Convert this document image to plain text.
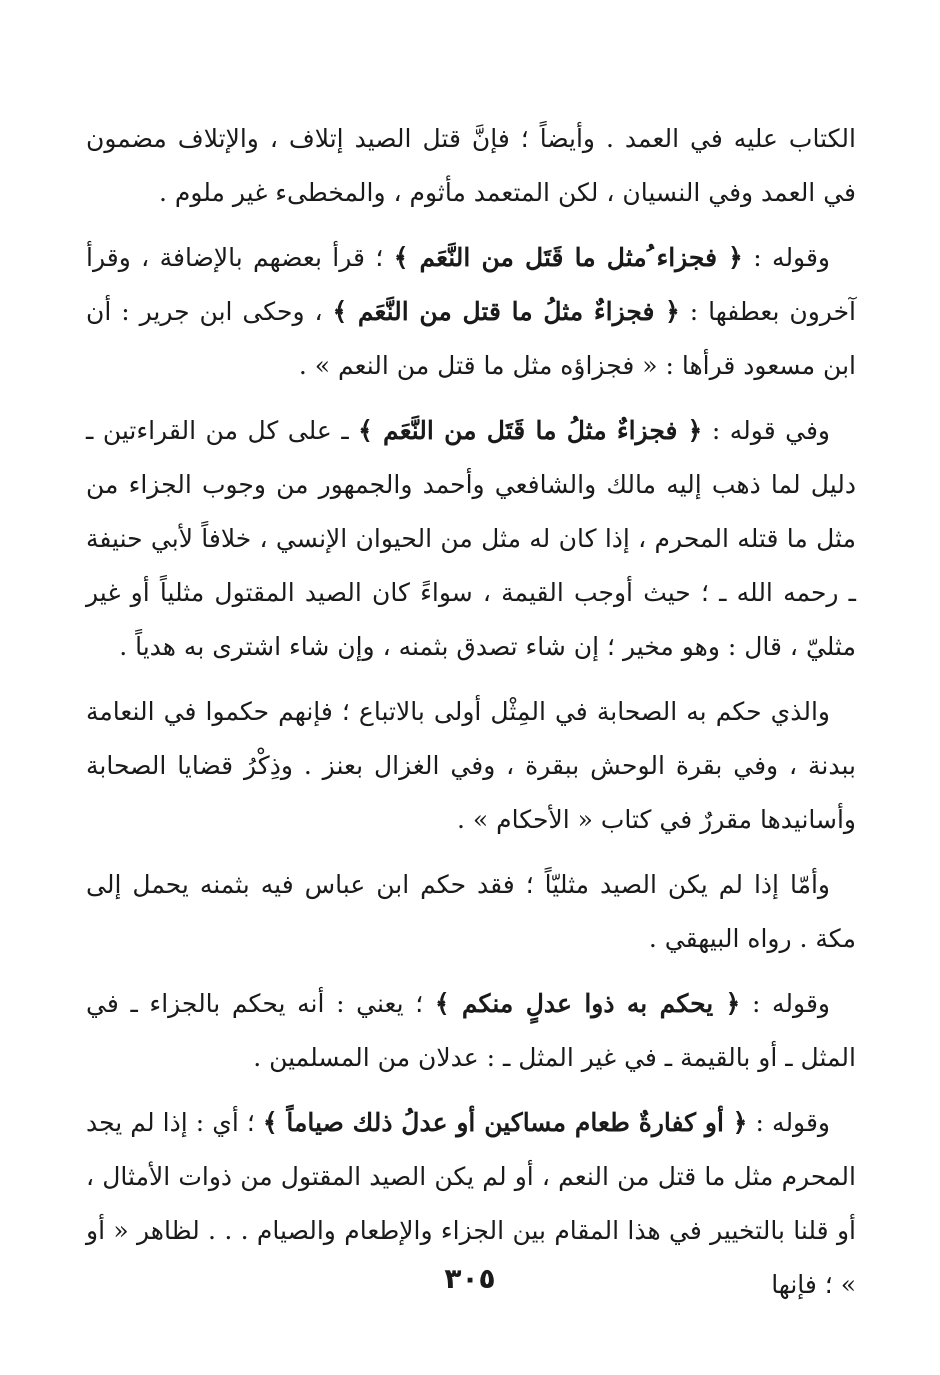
الكتاب عليه في العمد . وأيضاً ؛ فإنَّ قتل الصيد إتلاف ، والإتلاف مضمون في العمد وفي النسيان ، لكن المتعمد مأثوم ، والمخطىء غير ملوم .

وقوله : ﴿ فجزاء ُمثل ما قَتَل من النَّعَم ﴾ ؛ قرأ بعضهم بالإضافة ، وقرأ آخرون بعطفها : ﴿ فجزاءٌ مثلُ ما قتل من النَّعَم ﴾ ، وحكى ابن جرير : أن ابن مسعود قرأها : « فجزاؤه مثل ما قتل من النعم » .

وفي قوله : ﴿ فجزاءٌ مثلُ ما قَتَل من النَّعَم ﴾ ـ على كل من القراءتين ـ دليل لما ذهب إليه مالك والشافعي وأحمد والجمهور من وجوب الجزاء من مثل ما قتله المحرم ، إذا كان له مثل من الحيوان الإنسي ، خلافاً لأبي حنيفة ـ رحمه الله ـ ؛ حيث أوجب القيمة ، سواءً كان الصيد المقتول مثلياً أو غير مثليّ ، قال : وهو مخير ؛ إن شاء تصدق بثمنه ، وإن شاء اشترى به هدياً .

والذي حكم به الصحابة في المِثْل أولى بالاتباع ؛ فإنهم حكموا في النعامة ببدنة ، وفي بقرة الوحش ببقرة ، وفي الغزال بعنز . وذِكْرُ قضايا الصحابة وأسانيدها مقررٌ في كتاب « الأحكام » .

وأمّا إذا لم يكن الصيد مثليّاً ؛ فقد حكم ابن عباس فيه بثمنه يحمل إلى مكة . رواه البيهقي .

وقوله : ﴿ يحكم به ذوا عدلٍ منكم ﴾ ؛ يعني : أنه يحكم بالجزاء ـ في المثل ـ أو بالقيمة ـ في غير المثل ـ : عدلان من المسلمين .

وقوله : ﴿ أو كفارةٌ طعام مساكين أو عدلُ ذلك صياماً ﴾ ؛ أي : إذا لم يجد المحرم مثل ما قتل من النعم ، أو لم يكن الصيد المقتول من ذوات الأمثال ، أو قلنا بالتخيير في هذا المقام بين الجزاء والإطعام والصيام . . . لظاهر « أو » ؛ فإنها

٣٠٥
